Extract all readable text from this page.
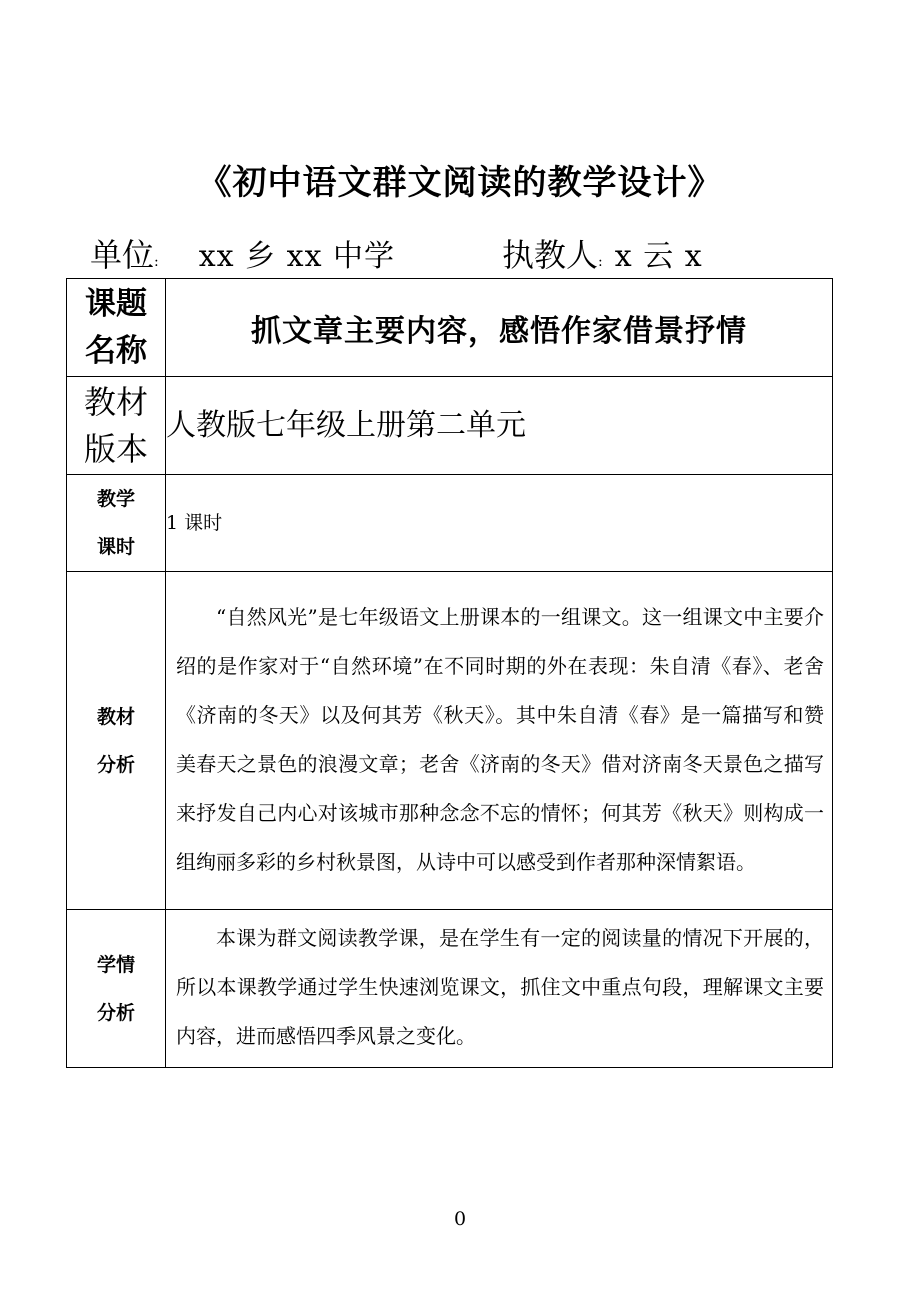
《初中语文群文阅读的教学设计》
单位: xx 乡 xx 中学	执教人: x 云 x
课题
名称	抓文章主要内容，感悟作家借景抒情

教材
版本	人教版七年级上册第二单元

教学
课时	1 课时

教材
分析	“自然风光”是七年级语文上册课本的一组课文。这一组课文中主要介绍的是作家对于“自然环境”在不同时期的外在表现：朱自清《春》、老舍《济南的冬天》以及何其芳《秋天》。其中朱自清《春》是一篇描写和赞美春天之景色的浪漫文章；老舍《济南的冬天》借对济南冬天景色之描写来抒发自己内心对该城市那种念念不忘的情怀；何其芳《秋天》则构成一组绚丽多彩的乡村秋景图，从诗中可以感受到作者那种深情絮语。

学情
分析	本课为群文阅读教学课，是在学生有一定的阅读量的情况下开展的，所以本课教学通过学生快速浏览课文，抓住文中重点句段，理解课文主要内容，进而感悟四季风景之变化。

0
